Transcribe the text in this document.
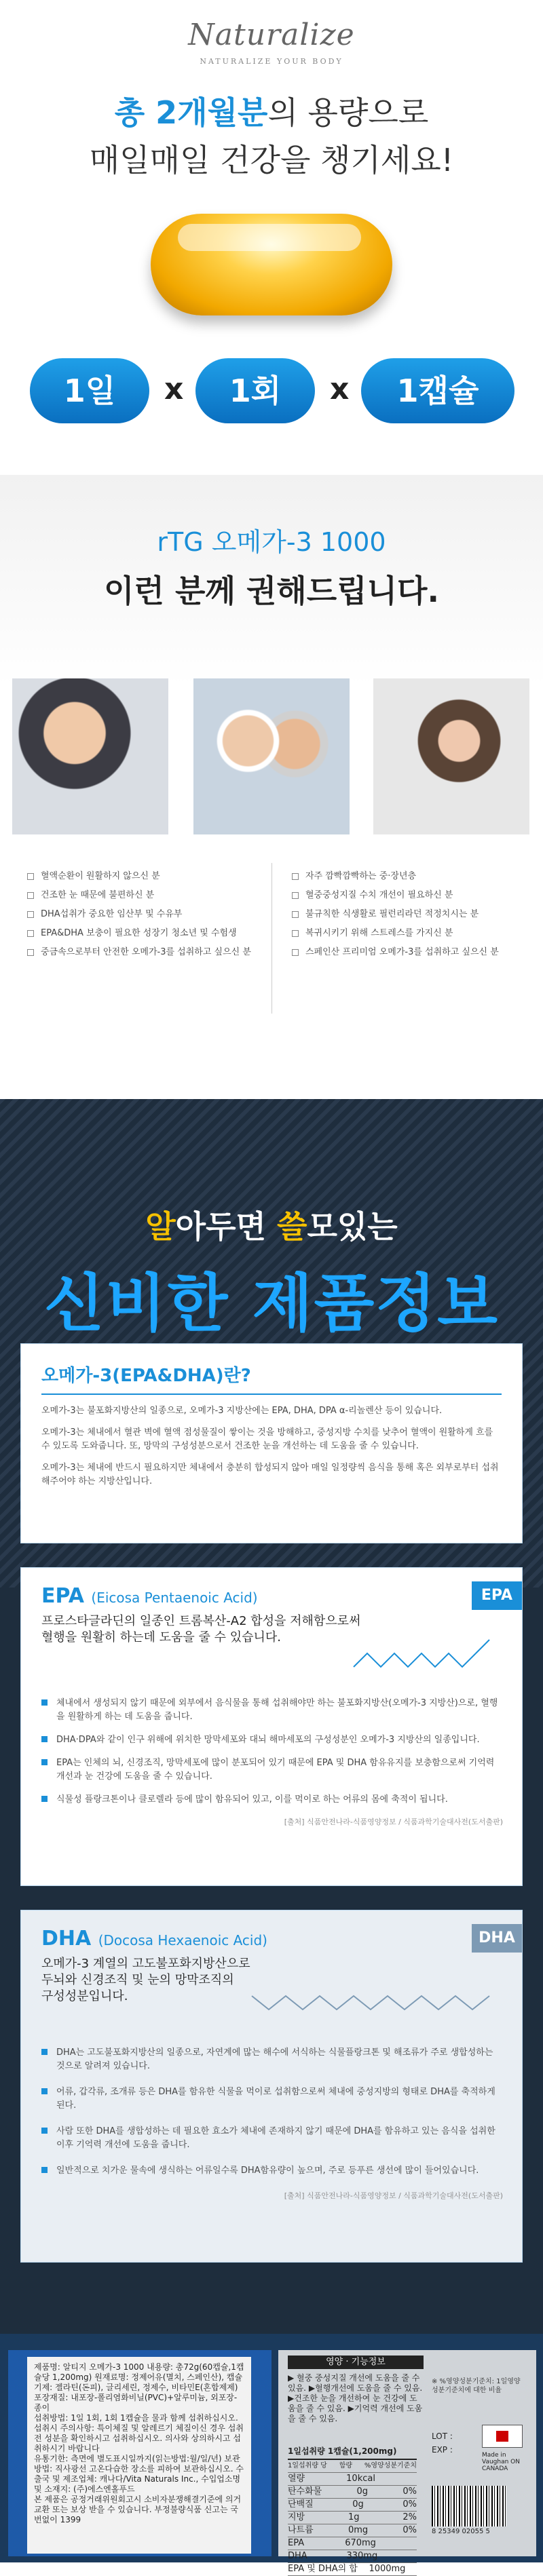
Naturalize
NATURALIZE YOUR BODY
총 2개월분의 용량으로
매일매일 건강을 챙기세요!
1일	x	1회	x	1캡슐
rTG 오메가-3 1000
이런 분께 권해드립니다.
혈액순환이 원활하지 않으신 분
건조한 눈 때문에 불편하신 분
DHA섭취가 중요한 임산부 및 수유부
EPA&DHA 보충이 필요한 성장기 청소년 및 수험생
중금속으로부터 안전한 오메가-3를 섭취하고 싶으신 분
자주 깜빡깜빡하는 중·장년층
혈중중성지질 수치 개선이 필요하신 분
불규칙한 식생활로 필런리라던 적정치시는 분
복귀시키기 위해 스트레스를 가지신 분
스페인산 프리미엄 오메가-3를 섭취하고 싶으신 분
알아두면 쓸모있는
신비한 제품정보
오메가-3(EPA&DHA)란?
오메가-3는 불포화지방산의 일종으로, 오메가-3 지방산에는 EPA, DHA, DPA α-리놀렌산 등이 있습니다.
오메가-3는 체내에서 혈관 벽에 혈액 점성물질이 쌓이는 것을 방해하고, 중성지방 수치를 낮추어 혈액이 원활하게 흐를 수 있도록 도와줍니다. 또, 망막의 구성성분으로서 건조한 눈을 개선하는 데 도움을 줄 수 있습니다.
오메가-3는 체내에 반드시 필요하지만 체내에서 충분히 합성되지 않아 매일 일정량씩 음식을 통해 혹은 외부로부터 섭취해주어야 하는 지방산입니다.
EPA
EPA (Eicosa Pentaenoic Acid)
프로스타글라딘의 일종인 트롬복산-A2 합성을 저해함으로써
혈행을 원활히 하는데 도움을 줄 수 있습니다.
체내에서 생성되지 않기 때문에 외부에서 음식물을 통해 섭취해야만 하는 불포화지방산(오메가-3 지방산)으로, 혈행을 원활하게 하는 데 도움을 줍니다.
DHA·DPA와 같이 인구 위해에 위치한 망막세포와 대뇌 해마세포의 구성성분인 오메가-3 지방산의 일종입니다.
EPA는 인체의 뇌, 신경조직, 망막세포에 많이 분포되어 있기 때문에 EPA 및 DHA 함유유지를 보충함으로써 기억력 개선과 눈 건강에 도움을 줄 수 있습니다.
식물성 플랑크톤이나 클로렐라 등에 많이 함유되어 있고, 이를 먹이로 하는 어류의 몸에 축적이 됩니다.
[출처] 식품안전나라-식품영양정보 / 식품과학기술대사전(도서출판)
DHA
DHA (Docosa Hexaenoic Acid)
오메가-3 계열의 고도불포화지방산으로
두뇌와 신경조직 및 눈의 망막조직의
구성성분입니다.
DHA는 고도불포화지방산의 일종으로, 자연계에 많는 해수에 서식하는 식물플랑크톤 및 해조류가 주로 생합성하는 것으로 알려져 있습니다.
어류, 갑각류, 조개류 등은 DHA를 함유한 식물을 먹이로 섭취함으로써 체내에 중성지방의 형태로 DHA를 축적하게 된다.
사람 또한 DHA를 생합성하는 데 필요한 효소가 체내에 존재하지 않기 때문에 DHA를 함유하고 있는 음식을 섭취한 이후 기억력 개선에 도움을 줍니다.
일반적으로 치가운 물속에 생식하는 어류일수록 DHA함유량이 높으며, 주로 등푸른 생선에 많이 들어있습니다.
[출처] 식품안전나라-식품영양정보 / 식품과학기술대사전(도서출판)
제품명: 알티지 오메가-3 1000 내용량: 총72g(60캡슐,1캡슐당 1,200mg) 원재료명: 정제어유(멸치, 스페인산), 캡슐기제: 젤라틴(돈피), 글리세린, 정제수, 비타민E(혼합제제)
포장재질: 내포장-폴리염화비닐(PVC)+알루미늄, 외포장-종이
섭취방법: 1일 1회, 1회 1캡슐을 물과 함께 섭취하십시오. 섭취시 주의사항: 특이체질 및 알레르기 체질이신 경우 섭취 전 성분을 확인하시고 섭취하십시오. 의사와 상의하시고 섭취하시기 바랍니다
유통기한: 측면에 별도표시일까지(읽는방법:월/일/년) 보관방법: 직사광선 고온다습한 장소를 피하여 보관하십시오. 수출국 및 제조업체: 캐나다/Vita Naturals Inc., 수입업소명 및 소재지: (주)에스엔홀푸드
본 제품은 공정거래위원회고시 소비자분쟁해결기준에 의거 교환 또는 보상 받을 수 있습니다. 부정불량식품 신고는 국번없이 1399
영양 · 기능정보
▶ 혈중 중성지질 개선에 도움을 줄 수 있음. ▶혈행개선에 도움을 줄 수 있음. ▶건조한 눈을 개선하여 눈 건강에 도움을 줄 수 있음. ▶기억력 개선에 도움을 줄 수 있음.
1일섭취량 1캡슐(1,200mg)
1일섭취량 당 함량 %영양성분기준치
열량	10kcal
탄수화물	0g	0%
단백질	0g	0%
지방	1g	2%
나트륨	0mg	0%
EPA	670mg
DHA	330mg
EPA 및 DHA의 합 1000mg
※ %영양성분기준치: 1일영양성분기준치에 대한 비율
LOT :
EXP :
8 25349 02055 5
Made in Vaughan ON CANADA
